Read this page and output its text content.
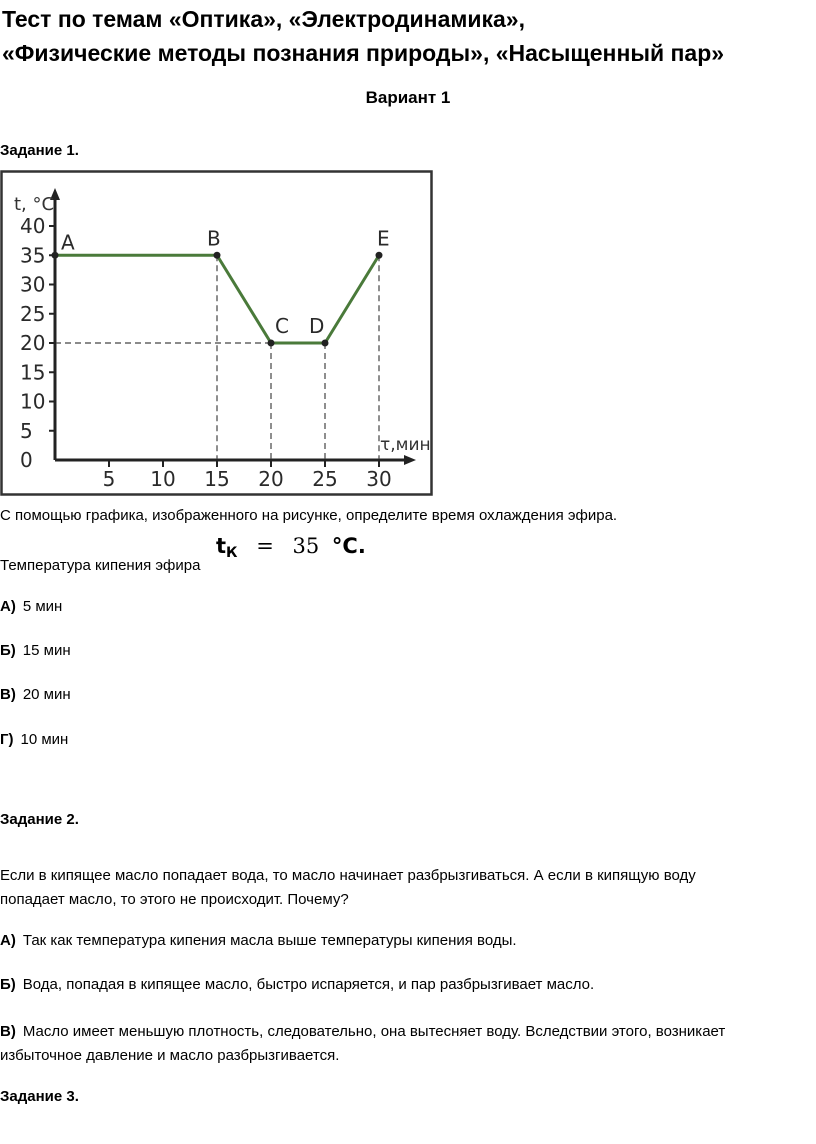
Тест по темам «Оптика», «Электродинамика»,
«Физические методы познания природы», «Насыщенный пар»
Вариант 1
Задание 1.
t, °C
τ,мин
0
5
10
15
20
25
30
35
40
5 10 15 20 25 30
A	B
C D
E
С помощью графика, изображенного на рисунке, определите время охлаждения эфира.
Температура кипения эфира
$t_К = 35$ °C.
А) 5 мин
Б) 15 мин
В) 20 мин
Г) 10 мин
Задание 2.
Если в кипящее масло попадает вода, то масло начинает разбрызгиваться. А если в кипящую воду
попадает масло, то этого не происходит. Почему?
А) Так как температура кипения масла выше температуры кипения воды.
Б) Вода, попадая в кипящее масло, быстро испаряется, и пар разбрызгивает масло.
В) Масло имеет меньшую плотность, следовательно, она вытесняет воду. Вследствии этого, возникает
избыточное давление и масло разбрызгивается.
Задание 3.
